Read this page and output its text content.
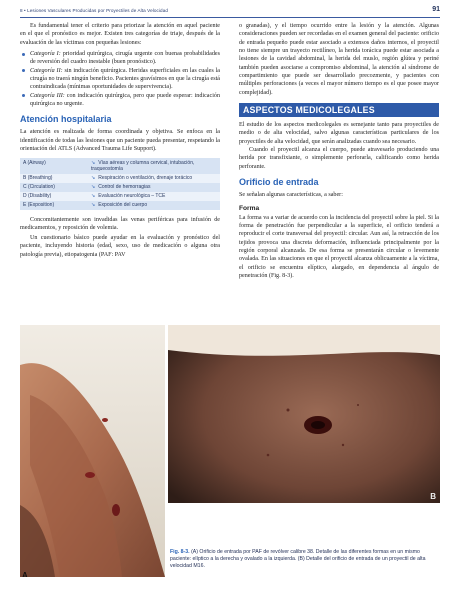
8 • Lesiones Vasculares Producidas por Proyectiles de Alta Velocidad	91

Es fundamental tener el criterio para priorizar la atención en aquel paciente en el que el pronóstico es mejor. Existen tres categorías de triaje, después de la evaluación de las víctimas con pequeñas lesiones:

Categoría I: prioridad quirúrgica, cirugía urgente con buenas probabilidades de reversión del cuadro inestable (buen pronóstico).
Categoría II: sin indicación quirúrgica. Heridas superficiales en las cuales la cirugía no traerá ningún beneficio. Pacientes gravísimos en que la cirugía está contraindicada (mínimas oportunidades de supervivencia).
Categoría III: con indicación quirúrgica, pero que puede esperar: indicación quirúrgica no urgente.
Atención hospitalaria

La atención es realizada de forma coordinada y objetiva. Se enfoca en la identificación de todas las lesiones que un paciente pueda presentar, respetando la orientación del ATLS (Advanced Trauma Life Support).

A (Airway)	↘ Vías aéreas y columna cervical, intubación, traqueostomía
B (Breathing)	↘ Respiración o ventilación, drenaje torácico
C (Circulation)	↘ Control de hemorragias
D (Disability)	↘ Evaluación neurológica – TCE
E (Exposition)	↘ Exposición del cuerpo

Concomitantemente son invadidas las venas periféricas para infusión de medicamentos, y reposición de volemia.

Un cuestionario básico puede ayudar en la evaluación y pronóstico del paciente, incluyendo historia (edad, sexo, uso de medicación o alguna otra patología previa), etiopatogenia (PAF: PAV

o granadas), y el tiempo ocurrido entre la lesión y la atención. Algunas consideraciones pueden ser recordadas en el examen general del paciente: orificio de entrada pequeño puede estar asociado a extensos daños internos, el proyectil no tiene siempre un trayecto rectilíneo, la herida torácica puede estar asociada a lesiones de la cavidad abdominal, la herida del muslo, región glútea y periné también pueden asociarse a compromiso abdominal, la atención al síndrome de compartimiento que puede ser desarrollado precozmente, y pacientes con múltiples perforaciones (a veces el mayor número tiempo es el que posee mayor complejidad).

ASPECTOS MEDICOLEGALES

El estudio de los aspectos medicolegales es semejante tanto para proyectiles de medio o de alta velocidad, salvo algunas características particulares de los proyectiles de alta velocidad, que serán analizadas cuando sea necesario.

Cuando el proyectil alcanza el cuerpo, puede atravesarlo produciendo una herida por transfixiante, o simplemente perforarla, calificando como herida perforante.

Orificio de entrada

Se señalan algunas características, a saber:

Forma

La forma va a variar de acuerdo con la incidencia del proyectil sobre la piel. Si la forma de penetración fue perpendicular a la superficie, el orificio tenderá a reproducir el corte transversal del proyectil: circular. Aun así, la retracción de los tejidos provoca una discreta deformación, influenciada principalmente por la región corporal alcanzada. De esa forma se presentarán circular o levemente ovalada. En las situaciones en que el proyectil alcanza oblicuamente a la víctima, el orificio se encuentra elíptico, alargado, en dependencia al ángulo de penetración (Fig. 8-3).

A
B
Fig. 8-3. (A) Orificio de entrada por PAF de revólver calibre 38. Detalle de las diferentes formas en un mismo paciente: elíptico a la derecha y ovalado a la izquierda. (B) Detalle del orificio de entrada de un proyectil de alta velocidad M16.
